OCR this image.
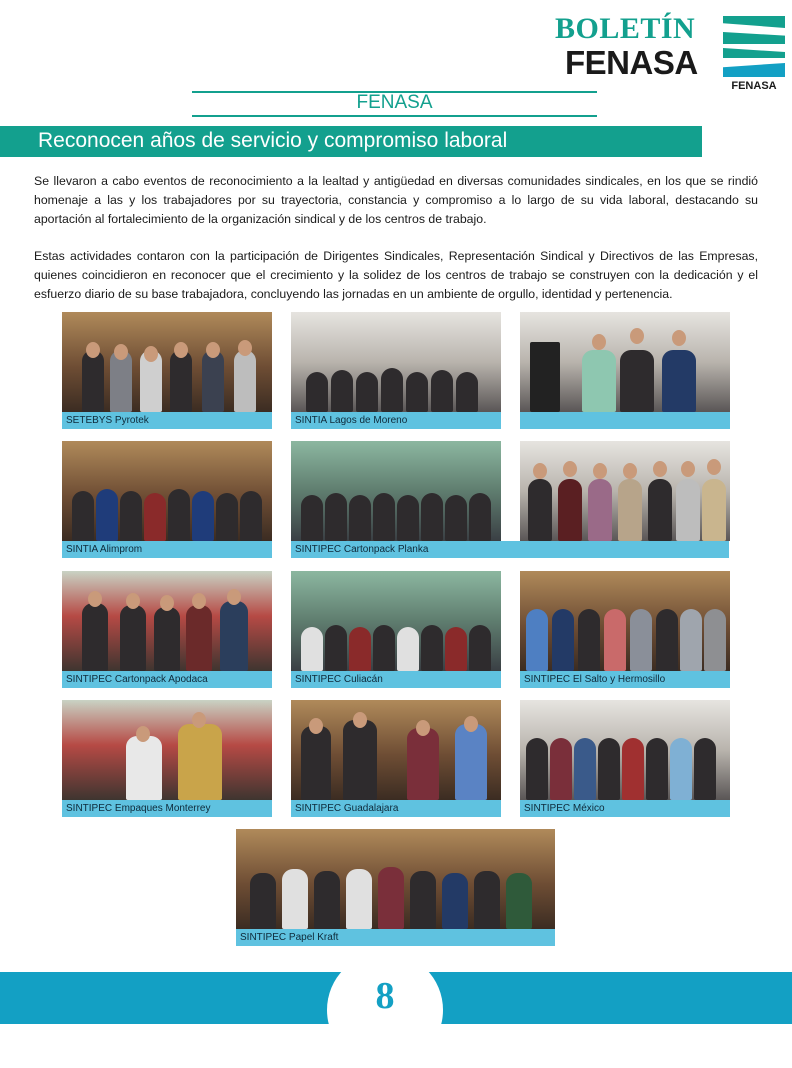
BOLETÍN
FENASA
FENASA
FENASA
Reconocen años de servicio y compromiso laboral

Se llevaron a cabo eventos de reconocimiento a la lealtad y antigüedad en diversas comunidades sindicales, en los que se rindió homenaje a las y los trabajadores por su trayectoria, constancia y compromiso a lo largo de su vida laboral, destacando su aportación al fortalecimiento de la organización sindical y de los centros de trabajo.

Estas actividades contaron con la participación de Dirigentes Sindicales, Representación Sindical y Directivos de las Empresas, quienes coincidieron en reconocer que el crecimiento y la solidez de los centros de trabajo se construyen con la dedicación y el esfuerzo diario de su base trabajadora, concluyendo las jornadas en un ambiente de orgullo, identidad y pertenencia.

SETEBYS Pyrotek	SINTIA Lagos de Moreno
SINTIA Alimprom	SINTIPEC Cartonpack Planka
SINTIPEC Cartonpack Apodaca	SINTIPEC Culiacán	SINTIPEC El Salto y Hermosillo
SINTIPEC Empaques Monterrey	SINTIPEC Guadalajara	SINTIPEC México
SINTIPEC Papel Kraft
8
